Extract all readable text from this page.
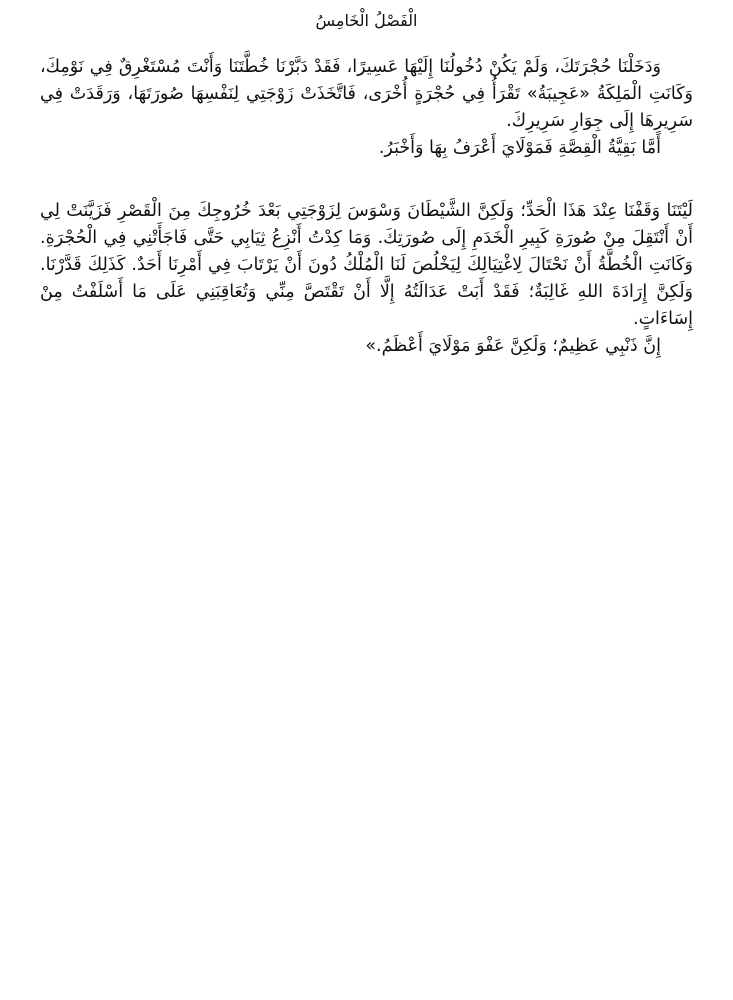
الْفَصْلُ الْخَامِسُ

وَدَخَلْنَا حُجْرَتَكَ، وَلَمْ يَكُنْ دُخُولُنَا إِلَيْهَا عَسِيرًا، فَقَدْ دَبَّرْنَا خُطَّتَنَا وَأَنْتَ مُسْتَغْرِقٌ فِي نَوْمِكَ، وَكَانَتِ الْمَلِكَةُ «عَجِيبَةُ» تَقْرَأُ فِي حُجْرَةٍ أُخْرَى، فَاتَّخَذَتْ زَوْجَتِي لِنَفْسِهَا صُورَتَهَا، وَرَقَدَتْ فِي سَرِيرِهَا إِلَى جِوَارِ سَرِيرِكَ.

أَمَّا بَقِيَّةُ الْقِصَّةِ فَمَوْلَايَ أَعْرَفُ بِهَا وَأَخْبَرُ.

لَيْتَنَا وَقَفْنَا عِنْدَ هَذَا الْحَدِّ؛ وَلَكِنَّ الشَّيْطَانَ وَسْوَسَ لِزَوْجَتِي بَعْدَ خُرُوجِكَ مِنَ الْقَصْرِ فَزَيَّنَتْ لِي أَنْ أَنْتَقِلَ مِنْ صُورَةِ كَبِيرِ الْخَدَمِ إِلَى صُورَتِكَ. وَمَا كِدْتُ أَنْزِعُ ثِيَابِي حَتَّى فَاجَأَتْنِي فِي الْحُجْرَةِ. وَكَانَتِ الْخُطَّةُ أَنْ نَحْتَالَ لِاغْتِيَالِكَ لِيَخْلُصَ لَنَا الْمُلْكُ دُونَ أَنْ يَرْتَابَ فِي أَمْرِنَا أَحَدٌ. كَذَلِكَ قَدَّرْنَا. وَلَكِنَّ إِرَادَةَ اللهِ غَالِبَةٌ؛ فَقَدْ أَبَتْ عَدَالَتُهُ إِلَّا أَنْ تَقْتَصَّ مِنِّي وَتُعَاقِبَنِي عَلَى مَا أَسْلَفْتُ مِنْ إِسَاءَاتٍ.

إِنَّ ذَنْبِي عَظِيمٌ؛ وَلَكِنَّ عَفْوَ مَوْلَايَ أَعْظَمُ.»
